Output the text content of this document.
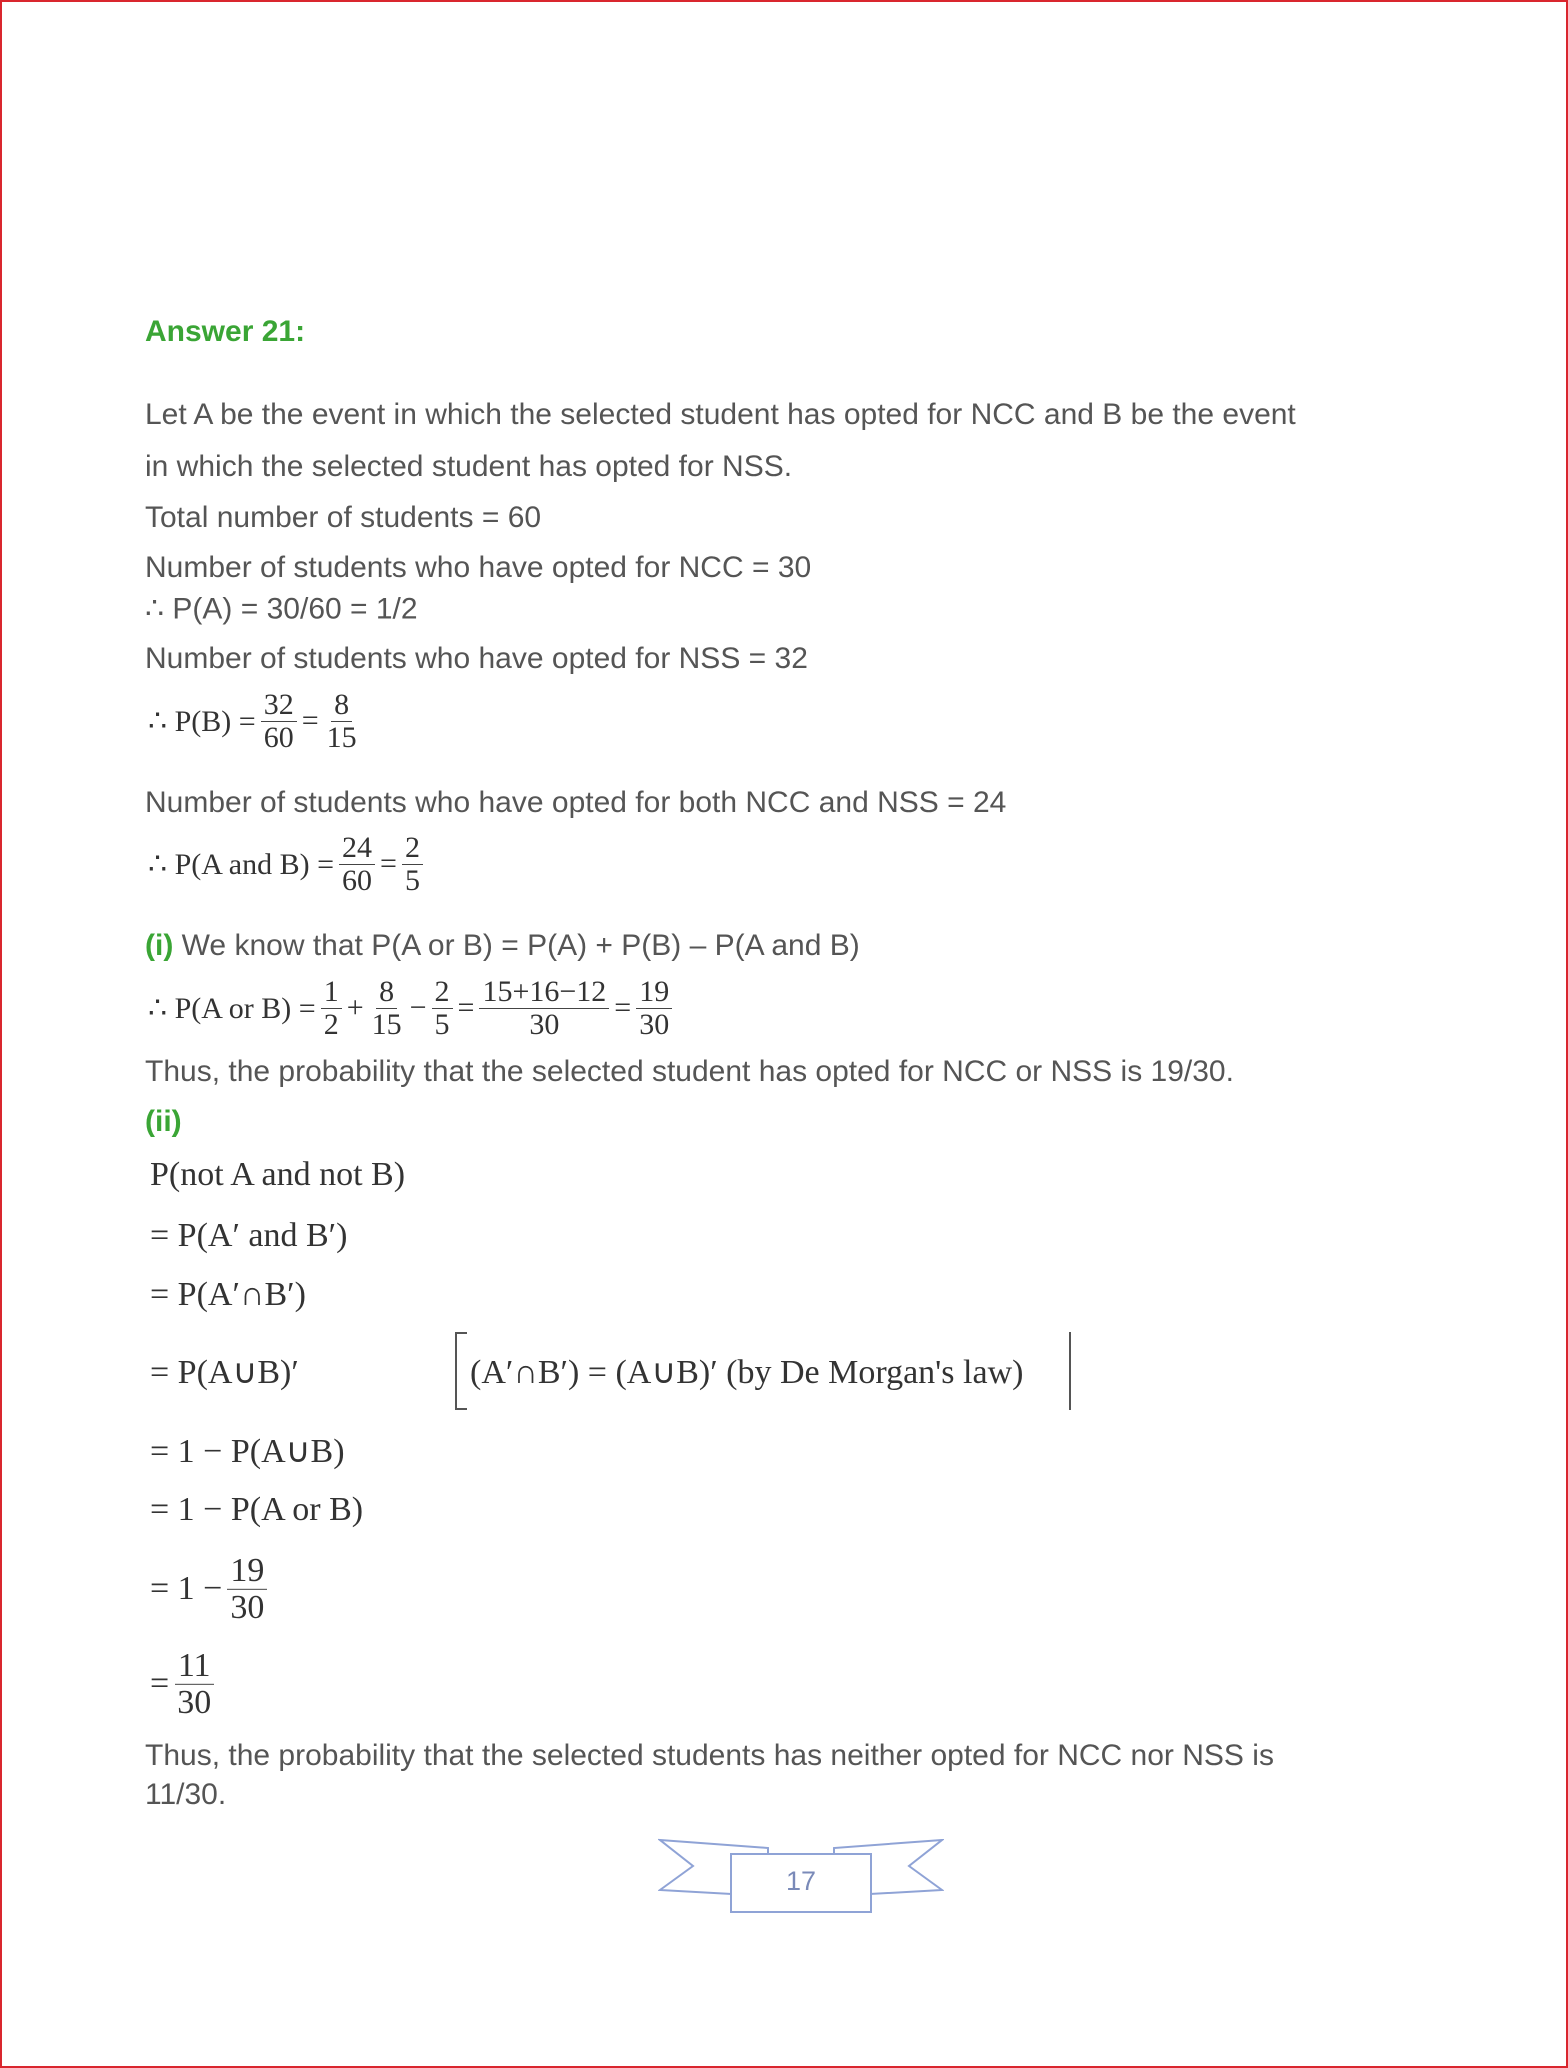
Answer 21:
Let A be the event in which the selected student has opted for NCC and B be the event
in which the selected student has opted for NSS.
Total number of students = 60
Number of students who have opted for NCC = 30
∴ P(A) = 30/60 = 1/2
Number of students who have opted for NSS = 32
∴ $P(B) = \frac{32}{60} = \frac{8}{15}$
Number of students who have opted for both NCC and NSS = 24
∴ P(A and $B) = \frac{24}{60} = \frac{2}{5}$
(i) We know that P(A or B) = P(A) + P(B) – P(A and B)
∴ P(A or $B) = \frac{1}{2} + \frac{8}{15} - \frac{2}{5} = \frac{15+16-12}{30} = \frac{19}{30}$
Thus, the probability that the selected student has opted for NCC or NSS is 19/30.
(ii)
P(not A and not B)
= P(A′ and B′)
= P(A′∩B′)
= P(A∪B)′	(A′∩B′) = (A∪B)′ (by De Morgan's law)
= 1 − P(A∪B)
= 1 − P(A or B)
= $1 - \frac{19}{30}$
= $\frac{11}{30}$
Thus, the probability that the selected students has neither opted for NCC nor NSS is
11/30.
17
